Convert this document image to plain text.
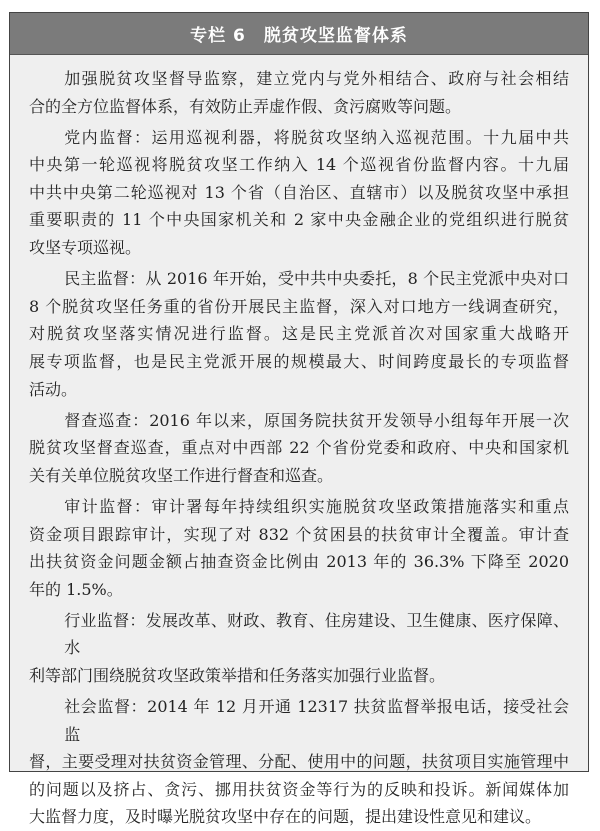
专栏 6 脱贫攻坚监督体系
加强脱贫攻坚督导监察，建立党内与党外相结合、政府与社会相结
合的全方位监督体系，有效防止弄虚作假、贪污腐败等问题。
党内监督：运用巡视利器，将脱贫攻坚纳入巡视范围。十九届中共
中央第一轮巡视将脱贫攻坚工作纳入 14 个巡视省份监督内容。十九届
中共中央第二轮巡视对 13 个省（自治区、直辖市）以及脱贫攻坚中承担
重要职责的 11 个中央国家机关和 2 家中央金融企业的党组织进行脱贫
攻坚专项巡视。
民主监督：从 2016 年开始，受中共中央委托，8 个民主党派中央对口
8 个脱贫攻坚任务重的省份开展民主监督，深入对口地方一线调查研究，
对脱贫攻坚落实情况进行监督。这是民主党派首次对国家重大战略开
展专项监督，也是民主党派开展的规模最大、时间跨度最长的专项监督
活动。
督查巡查：2016 年以来，原国务院扶贫开发领导小组每年开展一次
脱贫攻坚督查巡查，重点对中西部 22 个省份党委和政府、中央和国家机
关有关单位脱贫攻坚工作进行督查和巡查。
审计监督：审计署每年持续组织实施脱贫攻坚政策措施落实和重点
资金项目跟踪审计，实现了对 832 个贫困县的扶贫审计全覆盖。审计查
出扶贫资金问题金额占抽查资金比例由 2013 年的 36.3% 下降至 2020
年的 1.5%。
行业监督：发展改革、财政、教育、住房建设、卫生健康、医疗保障、水
利等部门围绕脱贫攻坚政策举措和任务落实加强行业监督。
社会监督：2014 年 12 月开通 12317 扶贫监督举报电话，接受社会监
督，主要受理对扶贫资金管理、分配、使用中的问题，扶贫项目实施管理中
的问题以及挤占、贪污、挪用扶贫资金等行为的反映和投诉。新闻媒体加
大监督力度，及时曝光脱贫攻坚中存在的问题，提出建设性意见和建议。
